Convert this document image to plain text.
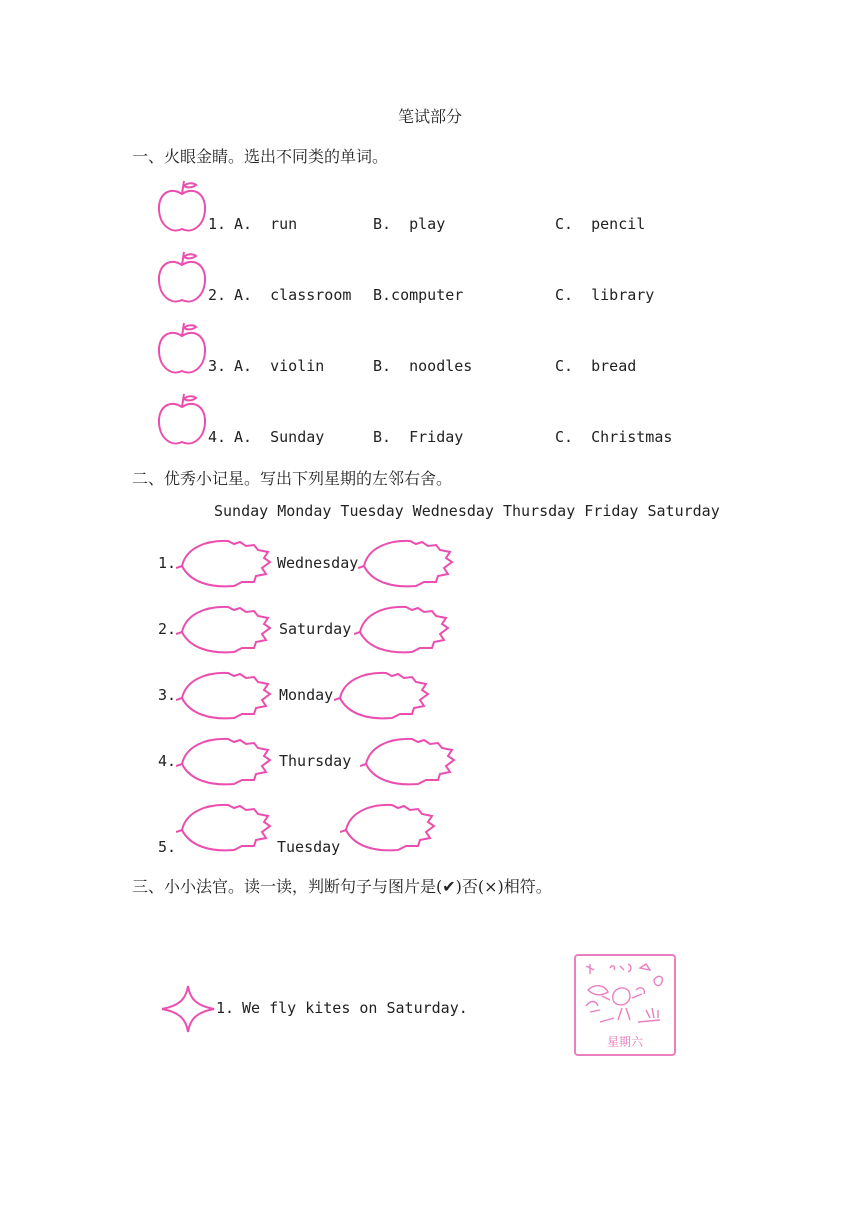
笔试部分
一、火眼金睛。选出不同类的单词。
1. A.  run	B.  play	C.  pencil
2. A.  classroom B.computer	C.  library
3. A.  violin	B.  noodles	C.  bread
4. A.  Sunday	B.  Friday	C.  Christmas
二、优秀小记星。写出下列星期的左邻右舍。
Sunday Monday Tuesday Wednesday Thursday Friday Saturday
1.	Wednesday
2.	Saturday
3.	Monday
4.	Thursday
5.	Tuesday
三、小小法官。读一读，判断句子与图片是(✔)否(×)相符。
1. We fly kites on Saturday.
星期六
